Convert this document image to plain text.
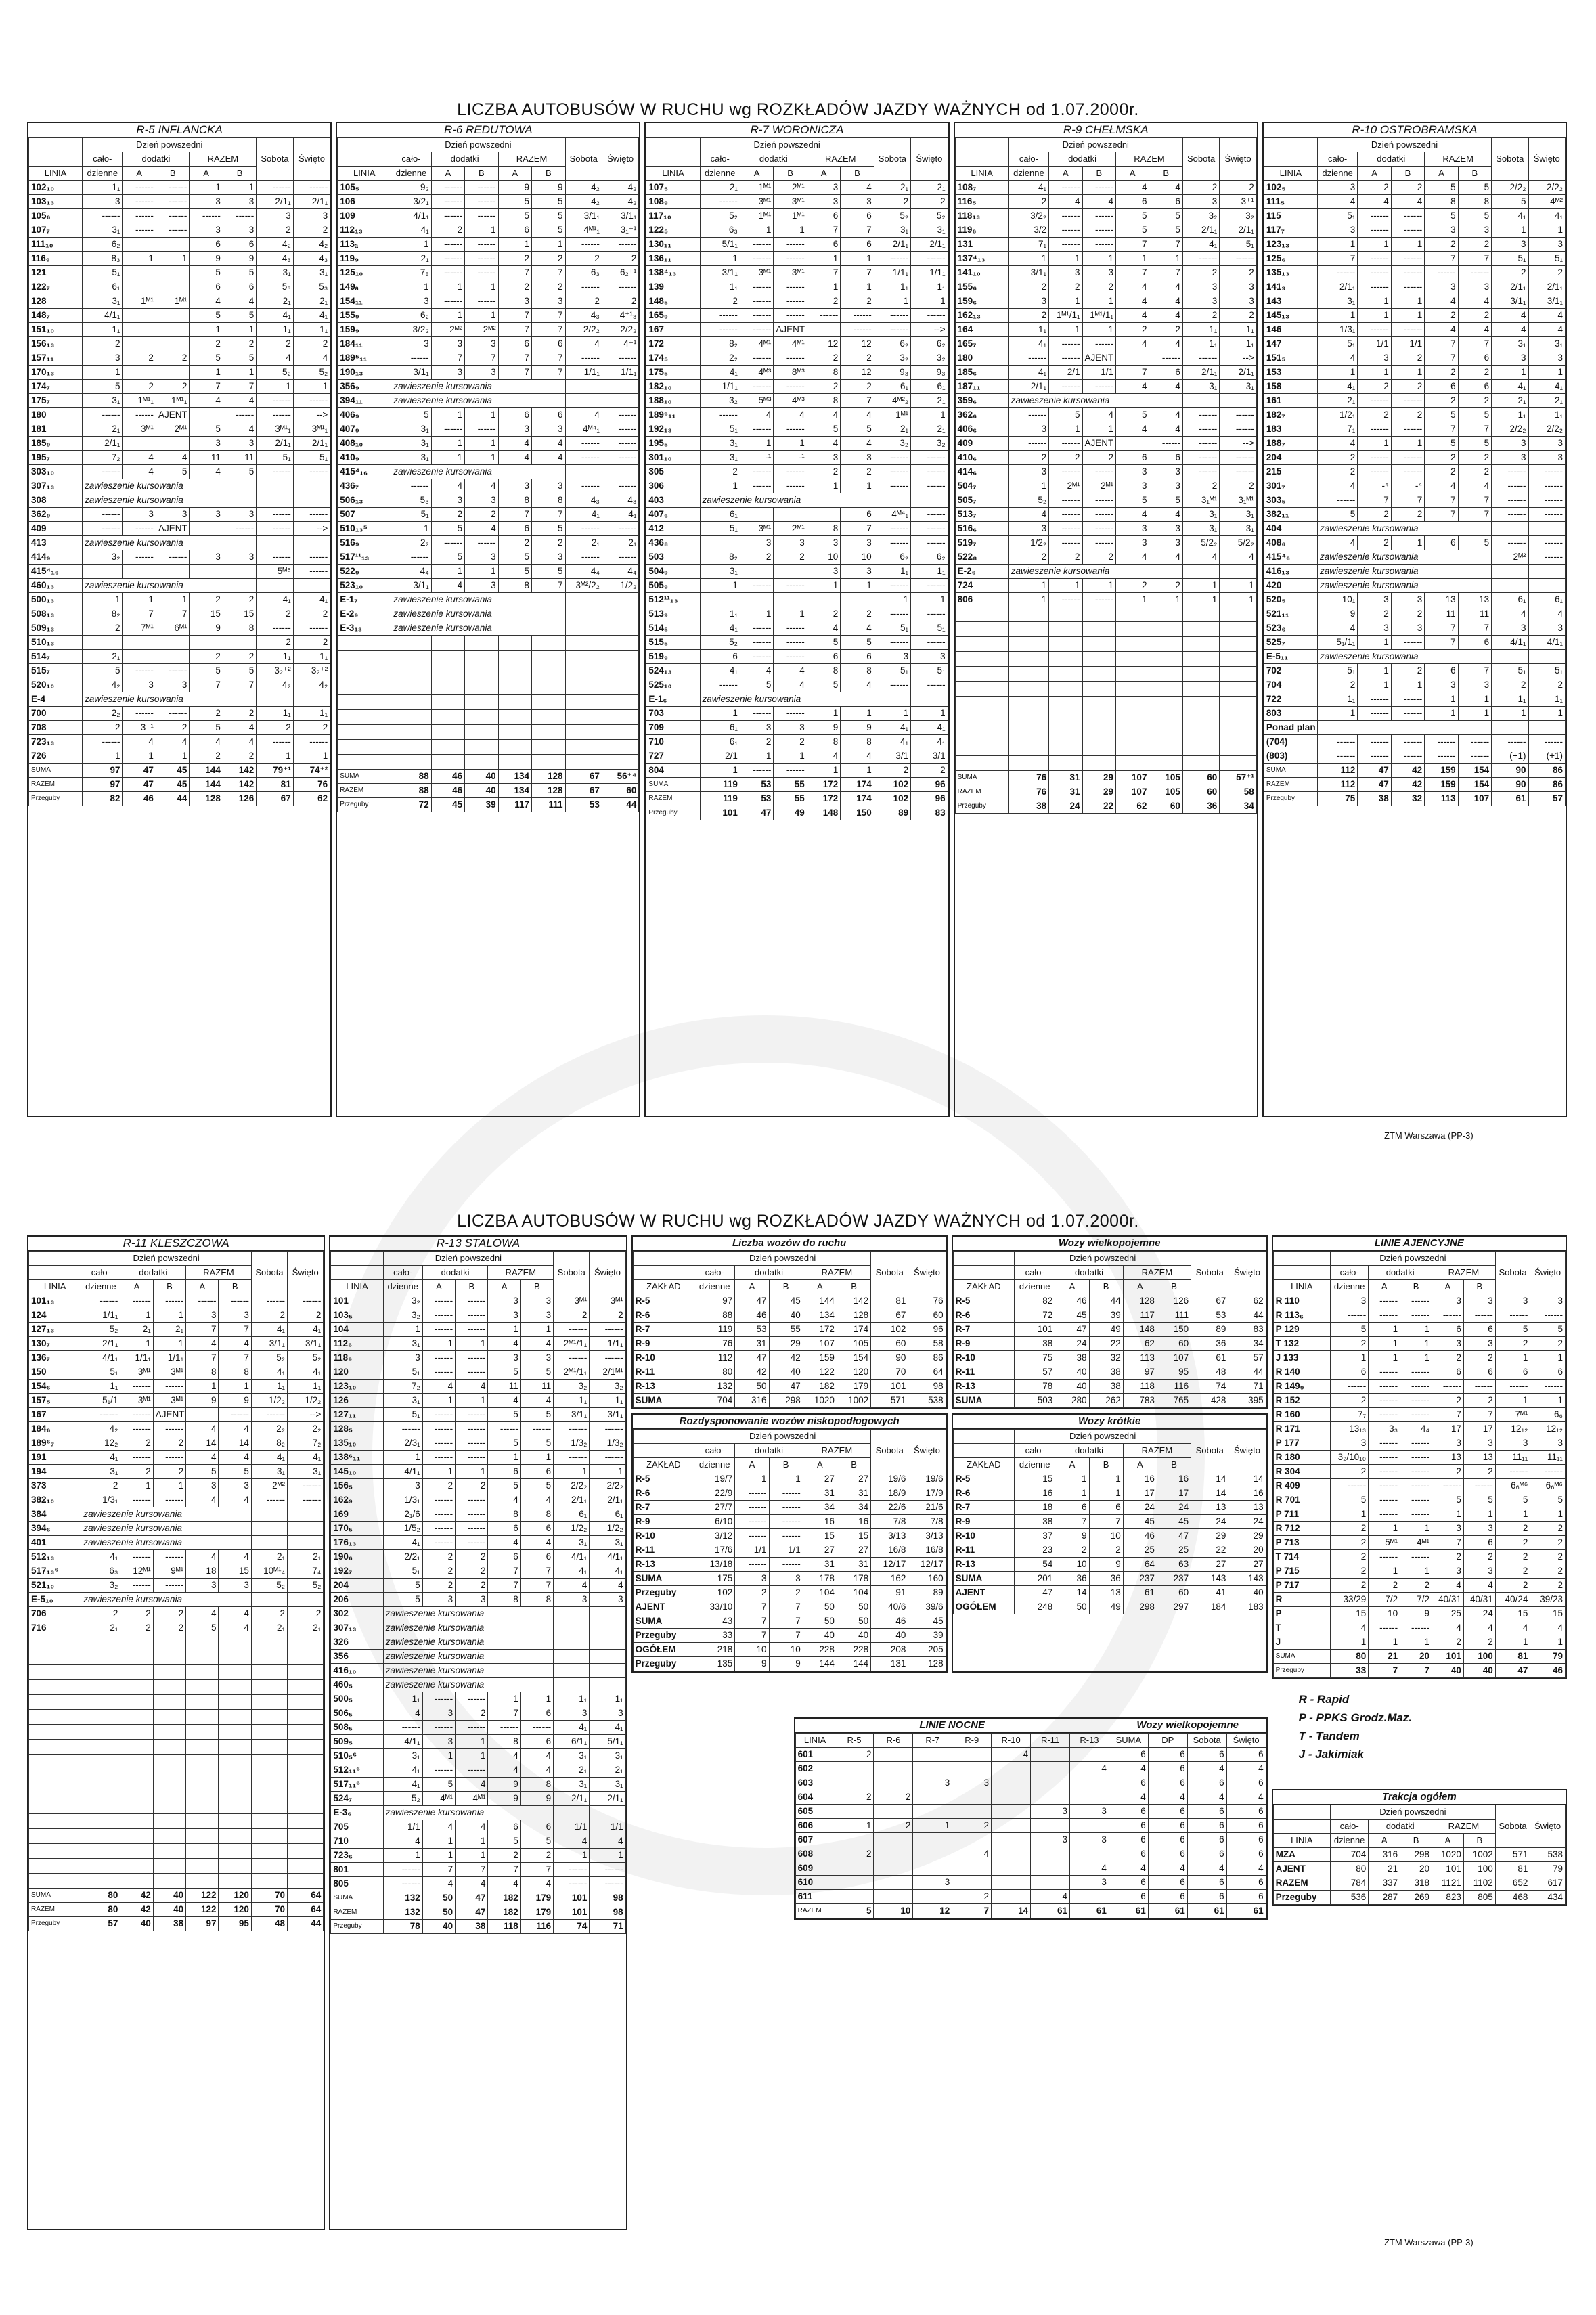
LICZBA AUTOBUSÓW W RUCHU wg ROZKŁADÓW JAZDY WAŻNYCH od 1.07.2000r.
R-5 INFLANCKA
	Dzień powszedni					Sobota	Święto
	cało-	dodatki		RAZEM			
LINIA	dzienne	A	B	A	B		
102₁₀	1₁	------	------	1	1	------	------
103₁₃	3	------	------	3	3	2/1₁	2/1₁
105₆	------	------	------	------	------	3	3
107₇	3₁	------	------	3	3	2	2
111₁₀	6₂			6	6	4₂	4₂
116₉	8₃	1	1	9	9	4₃	4₃
121	5₁			5	5	3₁	3₁
122₇	6₁			6	6	5₃	5₃
128	3₁	1ᴹ¹	1ᴹ¹	4	4	2₁	2₁
148₇	4/1₁			5	5	4₁	4₁
151₁₀	1₁			1	1	1₁	1₁
156₁₃	2			2	2	2	2
157₁₁	3	2	2	5	5	4	4
170₁₃	1			1	1	5₂	5₂
174₇	5	2	2	7	7	1	1
175₇	3₁	1ᴹ¹₁	1ᴹ¹₁	4	4	------	------
180	------	------	AJENT		------	------	-->
181	2₁	3ᴹ¹	2ᴹ¹	5	4	3ᴹ¹₁	3ᴹ¹₁
185₉	2/1₁			3	3	2/1₁	2/1₁
195₇	7₂	4	4	11	11	5₁	5₁
303₁₀	------	4	5	4	5	------	------
307₁₃	zawieszenie kursowania						
308	zawieszenie kursowania						
362₉	------	3	3	3	3	------	------
409	------	------	AJENT		------	------	-->
413	zawieszenie kursowania						
414₉	3₂	------	------	3	3	------	------
415⁴₁₆						5ᴹ⁵	------
460₁₃	zawieszenie kursowania						
500₁₃	1	1	1	2	2	4₁	4₁
508₁₃	8₂	7	7	15	15	2	2
509₁₃	2	7ᴹ¹	6ᴹ¹	9	8	------	------
510₁₃						2	2
514₇	2₁			2	2	1₁	1₁
515₇	5	------	------	5	5	3₂⁺²	3₂⁺²
520₁₀	4₂	3	3	7	7	4₂	4₂
E-4	zawieszenie kursowania						
700	2₂	------	------	2	2	1₁	1₁
708	2	3⁻¹	2	5	4	2	2
723₁₃	------	4	4	4	4	------	------
726	1	1	1	2	2	1	1
SUMA	97	47	45	144	142	79⁺¹	74⁺²
RAZEM	97	47	45	144	142	81	76
Przeguby	82	46	44	128	126	67	62
R-6 REDUTOWA
	Dzień powszedni					Sobota	Święto
	cało-	dodatki		RAZEM			
LINIA	dzienne	A	B	A	B		
105₅	9₂	------	------	9	9	4₂	4₂
106	3/2₁	------	------	5	5	4₂	4₂
109	4/1₁	------	------	5	5	3/1₁	3/1₁
112₁₃	4₁	2	1	6	5	4ᴹ¹₁	3₁⁺¹
113ₐ	1	------	------	1	1	------	------
119₉	2₁	------	------	2	2	2	2
125₁₀	7₅	------	------	7	7	6₃	6₂⁺¹
149ₐ	1	1	1	2	2	------	------
154₁₁	3	------	------	3	3	2	2
155₉	6₂	1	1	7	7	4₃	4⁺¹₃
159₉	3/2₂	2ᴹ²	2ᴹ²	7	7	2/2₂	2/2₂
184₁₁	3	3	3	6	6	4	4⁺¹
189⁵₁₁	------	7	7	7	7	------	------
190₁₃	3/1₁	3	3	7	7	1/1₁	1/1₁
356₉	zawieszenie kursowania						
394₁₁	zawieszenie kursowania						
406₉	5	1	1	6	6	4	------
407₉	3₁	------	------	3	3	4ᴹ⁴₁	------
408₁₀	3₁	1	1	4	4	------	------
410₉	3₁	1	1	4	4	------	------
415⁴₁₆	zawieszenie kursowania						
436₇	------	4	4	3	3	------	------
506₁₃	5₃	3	3	8	8	4₃	4₃
507	5₁	2	2	7	7	4₁	4₁
510₁₃⁵	1	5	4	6	5	------	------
516₉	2₂	------	------	2	2	2₁	2₁
517¹¹₁₃	------	5	3	5	3	------	------
522₉	4₄	1	1	5	5	4₄	4₄
523₁₀	3/1₁	4	3	8	7	3ᴹ²/2₂	1/2₂
E-1₇	zawieszenie kursowania						
E-2₉	zawieszenie kursowania						
E-3₁₃	zawieszenie kursowania						

SUMA	88	46	40	134	128	67	56⁺⁴
RAZEM	88	46	40	134	128	67	60
Przeguby	72	45	39	117	111	53	44
R-7 WORONICZA
	Dzień powszedni					Sobota	Święto
	cało-	dodatki		RAZEM			
LINIA	dzienne	A	B	A	B		
107₅	2₁	1ᴹ¹	2ᴹ¹	3	4	2₁	2₁
108₉	------	3ᴹ¹	3ᴹ¹	3	3	2	2
117₁₀	5₂	1ᴹ¹	1ᴹ¹	6	6	5₂	5₂
122₅	6₃	1	1	7	7	3₁	3₁
130₁₁	5/1₁	------	------	6	6	2/1₁	2/1₁
136₁₁	1	------	------	1	1	------	------
138⁴₁₃	3/1₁	3ᴹ¹	3ᴹ¹	7	7	1/1₁	1/1₁
139	1₁	------	------	1	1	1₁	1₁
148₅	2	------	------	2	2	1	1
165₉	------	------	------	------	------	------	------
167	------	------	AJENT		------	------	-->
172	8₂	4ᴹ¹	4ᴹ¹	12	12	6₂	6₂
174₅	2₂	------	------	2	2	3₂	3₂
175₅	4₁	4ᴹ³	8ᴹ³	8	12	9₃	9₃
182₁₀	1/1₁	------	------	2	2	6₁	6₁
188₁₀	3₂	5ᴹ³	4ᴹ³	8	7	4ᴹ²₂	2₁
189⁶₁₁	------	4	4	4	4	1ᴹ¹	1
192₁₃	5₁	------	------	5	5	2₁	2₁
195₅	3₁	1	1	4	4	3₂	3₂
301₁₀	3₁	-¹	-¹	3	3	------	------
305	2	------	------	2	2	------	------
306	1	------	------	1	1	------	------
403	zawieszenie kursowania						
407₆	6₁				6	4ᴹ⁴₁	------
412	5₁	3ᴹ¹	2ᴹ¹	8	7	------	------
436₈		3	3	3	3	------	------
503	8₂	2	2	10	10	6₂	6₂
504₉	3₁			3	3	1₁	1₁
505₉	1	------	------	1	1	------	------
512¹¹₁₃						1	1
513₉	1₁	1	1	2	2	------	------
514₅	4₁	------	------	4	4	5₁	5₁
515₅	5₂	------	------	5	5	------	------
519₉	6	------	------	6	6	3	3
524₁₃	4₁	4	4	8	8	5₁	5₁
525₁₀	------	5	4	5	4	------	------
E-1₆	zawieszenie kursowania						
703	1	------	------	1	1	1	1
709	6₁	3	3	9	9	4₁	4₁
710	6₁	2	2	8	8	4₁	4₁
727	2/1	1	1	4	4	3/1	3/1
804	1	------	------	1	1	2	2
SUMA	119	53	55	172	174	102	96
RAZEM	119	53	55	172	174	102	96
Przeguby	101	47	49	148	150	89	83
R-9 CHEŁMSKA
	Dzień powszedni					Sobota	Święto
	cało-	dodatki		RAZEM			
LINIA	dzienne	A	B	A	B		
108₇	4₁	------	------	4	4	2	2
116₅	2	4	4	6	6	3	3⁺¹
118₁₃	3/2₂	------	------	5	5	3₂	3₂
119₆	3/2	------	------	5	5	2/1₁	2/1₁
131	7₁	------	------	7	7	4₁	5₁
137⁴₁₃	1	1	1	1	1	------	------
141₁₀	3/1₁	3	3	7	7	2	2
155₆	2	2	2	4	4	3	3
159₆	3	1	1	4	4	3	3
162₁₃	2	1ᴹ¹/1₁	1ᴹ¹/1₁	4	4	2	2
164	1₁	1	1	2	2	1₁	1₁
165₇	4₁	------	------	4	4	1₁	1₁
180	------	------	AJENT		------	------	-->
185₆	4₁	2/1	1/1	7	6	2/1₁	2/1₁
187₁₁	2/1₁	------	------	4	4	3₁	3₁
359₆	zawieszenie kursowania						
362₆	------	5	4	5	4	------	------
406₆	3	1	1	4	4	------	------
409	------	------	AJENT		------	------	-->
410₆	2	2	2	6	6	------	------
414₆	3	------	------	3	3	------	------
504₇	1	2ᴹ¹	2ᴹ¹	3	3	2	2
505₇	5₂	------	------	5	5	3₁ᴹ¹	3₁ᴹ¹
513₇	4	------	------	4	4	3₁	3₁
516₆	3	------	------	3	3	3₁	3₁
519₇	1/2₂	------	------	3	3	5/2₂	5/2₂
522₈	2	2	2	4	4	4	4
E-2₆	zawieszenie kursowania						
724	1	1	1	2	2	1	1
806	1	------	------	1	1	1	1

SUMA	76	31	29	107	105	60	57⁺¹
RAZEM	76	31	29	107	105	60	58
Przeguby	38	24	22	62	60	36	34
R-10 OSTROBRAMSKA
	Dzień powszedni					Sobota	Święto
	cało-	dodatki		RAZEM			
LINIA	dzienne	A	B	A	B		
102₅	3	2	2	5	5	2/2₂	2/2₂
111₅	4	4	4	8	8	5	4ᴹ²
115	5₁	------	------	5	5	4₁	4₁
117₇	3	------	------	3	3	1	1
123₁₃	1	1	1	2	2	3	3
125₆	7	------	------	7	7	5₁	5₁
135₁₃	------	------	------	------	------	2	2
141₉	2/1₁	------	------	3	3	2/1₁	2/1₁
143	3₁	1	1	4	4	3/1₁	3/1₁
145₁₃	1	1	1	2	2	4	4
146	1/3₁	------	------	4	4	4	4
147	5₁	1/1	1/1	7	7	3₁	3₁
151₅	4	3	2	7	6	3	3
153	1	1	1	2	2	1	1
158	4₁	2	2	6	6	4₁	4₁
161	2₁	------	------	2	2	2₁	2₁
182₇	1/2₁	2	2	5	5	1₁	1₁
183	7₁	------	------	7	7	2/2₂	2/2₂
188₇	4	1	1	5	5	3	3
204	2	------	------	2	2	3	3
215	2	------	------	2	2	------	------
301₇	4	-⁴	-⁴	4	4	------	------
303₅	------	7	7	7	7	------	------
382₁₁	5	2	2	7	7	------	------
404	zawieszenie kursowania						
408₆	4	2	1	6	5	------	------
415⁴₆	zawieszenie kursowania					2ᴹ²	------
416₁₃	zawieszenie kursowania						
420	zawieszenie kursowania						
520₅	10₁	3	3	13	13	6₁	6₁
521₁₁	9	2	2	11	11	4	4
523₆	4	3	3	7	7	3	3
525₇	5₁/1₁	1	------	7	6	4/1₁	4/1₁
E-5₁₁	zawieszenie kursowania						
702	5₁	1	2	6	7	5₁	5₁
704	2	1	1	3	3	2	2
722	1₁	------	------	1	1	1₁	1₁
803	1	------	------	1	1	1	1
Ponad plan							
(704)	------	------	------	------	------	------	------
(803)	------	------	------	------	------	(+1)	(+1)
SUMA	112	47	42	159	154	90	86
RAZEM	112	47	42	159	154	90	86
Przeguby	75	38	32	113	107	61	57
ZTM Warszawa (PP-3)
LICZBA AUTOBUSÓW W RUCHU wg ROZKŁADÓW JAZDY WAŻNYCH od 1.07.2000r.
R-11 KLESZCZOWA
	Dzień powszedni					Sobota	Święto
	cało-	dodatki		RAZEM			
LINIA	dzienne	A	B	A	B		
101₁₃	------	------	------	------	------	------	------
124	1/1₁	1	1	3	3	2	2
127₁₃	5₂	2₁	2₁	7	7	4₁	4₁
130₇	2/1₁	1	1	4	4	3/1₁	3/1₁
136₇	4/1₁	1/1₁	1/1₁	7	7	5₂	5₂
150	5₁	3ᴹ¹	3ᴹ¹	8	8	4₁	4₁
154₆	1₁	------	------	1	1	1₁	1₁
157₅	5₁/1	3ᴹ¹	3ᴹ¹	9	9	1/2₂	1/2₂
167	------	------	AJENT		------	------	-->
184₆	4₂	------	------	4	4	2₂	2₂
189⁶₇	12₂	2	2	14	14	8₂	7₂
191	4₁	------	------	4	4	4₁	4₁
194	3₁	2	2	5	5	3₁	3₁
373	2	1	1	3	3	2ᴹ²	------
382₁₀	1/3₁	------	------	4	4	------	------
384	zawieszenie kursowania						
394₆	zawieszenie kursowania						
401	zawieszenie kursowania						
512₁₃	4₁	------	------	4	4	2₁	2₁
517₁₃⁶	6₃	12ᴹ¹	9ᴹ¹	18	15	10ᴹ¹₄	7₄
521₁₀	3₂	------	------	3	3	5₂	5₂
E-5₁₀	zawieszenie kursowania						
706	2	2	2	4	4	2	2
716	2₁	2	2	5	4	2₁	2₁

SUMA	80	42	40	122	120	70	64
RAZEM	80	42	40	122	120	70	64
Przeguby	57	40	38	97	95	48	44
R-13 STALOWA
	Dzień powszedni					Sobota	Święto
	cało-	dodatki		RAZEM			
LINIA	dzienne	A	B	A	B		
101	3₂	------	------	3	3	3ᴹ¹	3ᴹ¹
103₅	3₂	------	------	3	3	2	2
104	1	------	------	1	1	------	------
112₆	3₁	1	1	4	4	2ᴹ¹/1₁	1/1₁
118₉	3	------	------	3	3	------	------
120	5₁	------	------	5	5	2ᴹ¹/1₁	2/1ᴹ¹
123₁₀	7₂	4	4	11	11	3₂	3₂
126	3₁	1	1	4	4	1₁	1₁
127₁₁	5₁	------	------	5	5	3/1₁	3/1₁
128₅	------	------	------	------	------	------	------
135₁₀	2/3₁	------	------	5	5	1/3₂	1/3₂
138⁶₁₁	1	------	------	1	1	------	------
145₁₀	4/1₁	1	1	6	6	1	1
156₅	3	2	2	5	5	2/2₂	2/2₂
162₉	1/3₁	------	------	4	4	2/1₁	2/1₁
169	2₁/6	------	------	8	8	6₁	6₁
170₅	1/5₂	------	------	6	6	1/2₂	1/2₂
176₁₃	4₁	------	------	4	4	3₁	3₁
190₆	2/2₁	2	2	6	6	4/1₁	4/1₁
192₇	5₁	2	2	7	7	4₁	4₁
204	5	2	2	7	7	4	4
206	5	3	3	8	8	3	3
302	zawieszenie kursowania						
307₁₃	zawieszenie kursowania						
326	zawieszenie kursowania						
356	zawieszenie kursowania						
416₁₀	zawieszenie kursowania						
460₅	zawieszenie kursowania						
500₅	1₁	------	------	1	1	1₁	1₁
506₅	4	3	2	7	6	3	3
508₅	------	------	------	------	------	4₁	4₁
509₅	4/1₁	3	1	8	6	6/1₁	5/1₁
510₅⁶	3₁	1	1	4	4	3₁	3₁
512₁₁⁶	4₁	------	------	4	4	2₁	2₁
517₁₁⁶	4₁	5	4	9	8	3₁	3₁
524₇	5₂	4ᴹ¹	4ᴹ¹	9	9	2/1₁	2/1₁
E-3₆	zawieszenie kursowania						
705	1/1	4	4	6	6	1/1	1/1
710	4	1	1	5	5	4	4
723₆	1	1	1	2	2	1	1
801	------	7	7	7	7	------	------
805	------	4	4	4	4	------	------
SUMA	132	50	47	182	179	101	98
RAZEM	132	50	47	182	179	101	98
Przeguby	78	40	38	118	116	74	71
Liczba wozów do ruchu
	Dzień powszedni					Sobota	Święto
	cało-	dodatki		RAZEM			
ZAKŁAD	dzienne	A	B	A	B		
R-5	97	47	45	144	142	81	76
R-6	88	46	40	134	128	67	60
R-7	119	53	55	172	174	102	96
R-9	76	31	29	107	105	60	58
R-10	112	47	42	159	154	90	86
R-11	80	42	40	122	120	70	64
R-13	132	50	47	182	179	101	98
SUMA	704	316	298	1020	1002	571	538
Wozy wielkopojemne
	Dzień powszedni					Sobota	Święto
	cało-	dodatki		RAZEM			
ZAKŁAD	dzienne	A	B	A	B		
R-5	82	46	44	128	126	67	62
R-6	72	45	39	117	111	53	44
R-7	101	47	49	148	150	89	83
R-9	38	24	22	62	60	36	34
R-10	75	38	32	113	107	61	57
R-11	57	40	38	97	95	48	44
R-13	78	40	38	118	116	74	71
SUMA	503	280	262	783	765	428	395
Rozdysponowanie wozów niskopodłogowych
	Dzień powszedni					Sobota	Święto
	cało-	dodatki		RAZEM			
ZAKŁAD	dzienne	A	B	A	B		
R-5	19/7	1	1	27	27	19/6	19/6
R-6	22/9	------	------	31	31	18/9	17/9
R-7	27/7	------	------	34	34	22/6	21/6
R-9	6/10	------	------	16	16	7/8	7/8
R-10	3/12	------	------	15	15	3/13	3/13
R-11	17/6	1/1	1/1	27	27	16/8	16/8
R-13	13/18	------	------	31	31	12/17	12/17
SUMA	175	3	3	178	178	162	160
Przeguby	102	2	2	104	104	91	89
AJENT	33/10	7	7	50	50	40/6	39/6
SUMA	43	7	7	50	50	46	45
Przeguby	33	7	7	40	40	40	39
OGÓŁEM	218	10	10	228	228	208	205
Przeguby	135	9	9	144	144	131	128
Wozy krótkie
	Dzień powszedni					Sobota	Święto
	cało-	dodatki		RAZEM			
ZAKŁAD	dzienne	A	B	A	B		
R-5	15	1	1	16	16	14	14
R-6	16	1	1	17	17	14	16
R-7	18	6	6	24	24	13	13
R-9	38	7	7	45	45	24	24
R-10	37	9	10	46	47	29	29
R-11	23	2	2	25	25	22	20
R-13	54	10	9	64	63	27	27
SUMA	201	36	36	237	237	143	143
AJENT	47	14	13	61	60	41	40
OGÓŁEM	248	50	49	298	297	184	183
LINIE NOCNE	Wozy wielkopojemne
LINIA	R-5	R-6	R-7	R-9	R-10	R-11	R-13	SUMA	DP	Sobota	Święto
601	2				4			6	6	6	6
602							4	4	6	4	4
603			3	3				6	6	6	6
604	2	2						4	4	4	4
605						3	3	6	6	6	6
606	1	2	1	2				6	6	6	6
607						3	3	6	6	6	6
608	2			4				6	6	6	6
609							4	4	4	4	4
610			3				3	6	6	6	6
611				2		4		6	6	6	6
RAZEM	5	10	12	7	14	61	61	61	61	61	61
LINIE AJENCYJNE
	Dzień powszedni					Sobota	Święto
	cało-	dodatki		RAZEM			
LINIA	dzienne	A	B	A	B		
R 110	3	------	------	3	3	3	3
R 113₆	------	------	------	------	------	------	------
P 129	5	1	1	6	6	5	5
T 132	2	1	1	3	3	2	2
J 133	1	1	1	2	2	1	1
R 140	6	------	------	6	6	6	6
R 149₉	------	------	------	------	------	------	------
R 152	2	------	------	2	2	1	1
R 160	7₇	------	------	7	7	7ᴹ¹	6₆
R 171	13₁₃	3₃	4₄	17	17	12₁₂	12₁₂
P 177	3	------	------	3	3	3	3
R 180	3₂/10₁₀	------	------	13	13	11₁₁	11₁₁
R 304	2	------	------	2	2	------	------
R 409	------	------	------	------	------	6₆ᴹ⁶	6₆ᴹ⁶
R 701	5	------	------	5	5	5	5
P 711	1	------	------	1	1	1	1
R 712	2	1	1	3	3	2	2
P 713	2	5ᴹ¹	4ᴹ¹	7	6	2	2
T 714	2	------	------	2	2	2	2
P 715	2	1	1	3	3	2	2
P 717	2	2	2	4	4	2	2
R	33/29	7/2	7/2	40/31	40/31	40/24	39/23
P	15	10	9	25	24	15	15
T	4	------	------	4	4	4	4
J	1	1	1	2	2	1	1
SUMA	80	21	20	101	100	81	79
Przeguby	33	7	7	40	40	47	46
R - Rapid
P - PPKS Grodz.Maz.
T - Tandem
J - Jakimiak
Trakcja ogółem
	Dzień powszedni					Sobota	Święto
	cało-	dodatki		RAZEM			
LINIA	dzienne	A	B	A	B		
MZA	704	316	298	1020	1002	571	538
AJENT	80	21	20	101	100	81	79
RAZEM	784	337	318	1121	1102	652	617
Przeguby	536	287	269	823	805	468	434
ZTM Warszawa (PP-3)
